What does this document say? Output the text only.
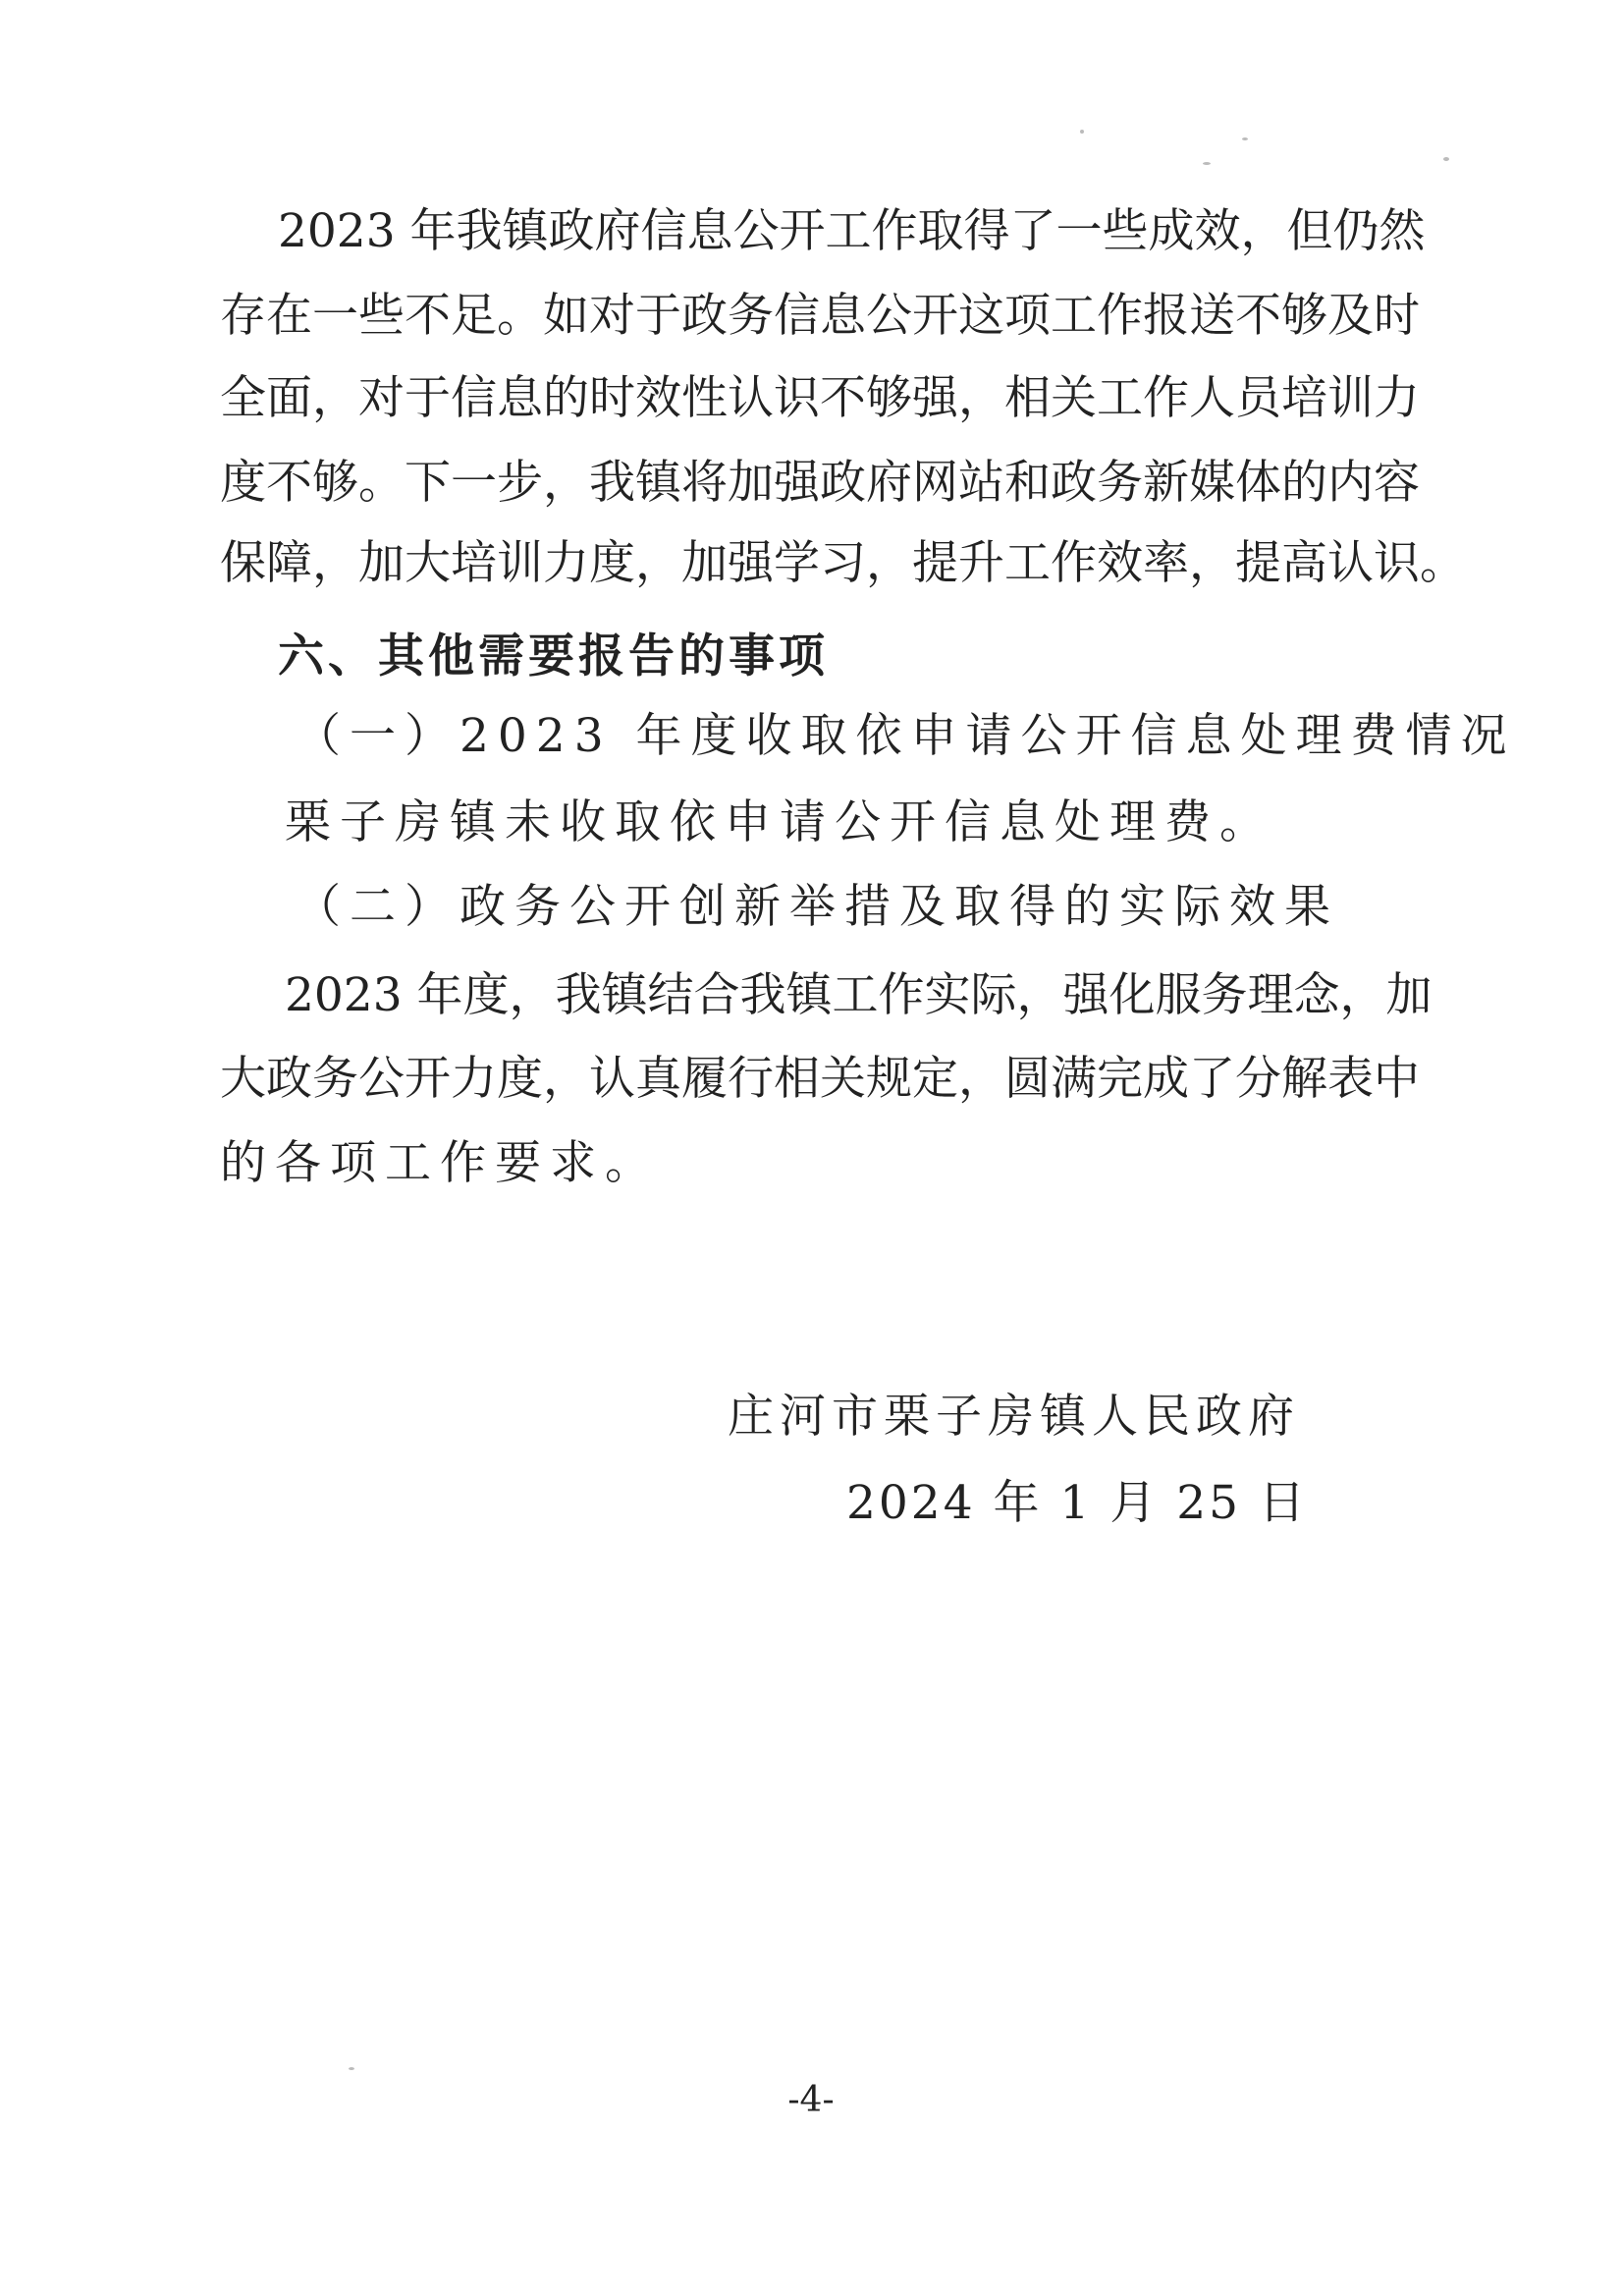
2023 年我镇政府信息公开工作取得了一些成效，但仍然
存在一些不足。如对于政务信息公开这项工作报送不够及时
全面，对于信息的时效性认识不够强，相关工作人员培训力
度不够。下一步，我镇将加强政府网站和政务新媒体的内容
保障，加大培训力度，加强学习，提升工作效率，提高认识。
六、其他需要报告的事项
（一）2023 年度收取依申请公开信息处理费情况
栗子房镇未收取依申请公开信息处理费。
（二）政务公开创新举措及取得的实际效果
2023 年度，我镇结合我镇工作实际，强化服务理念，加
大政务公开力度，认真履行相关规定，圆满完成了分解表中
的各项工作要求。
庄河市栗子房镇人民政府
2024 年 1 月 25 日
-4-
